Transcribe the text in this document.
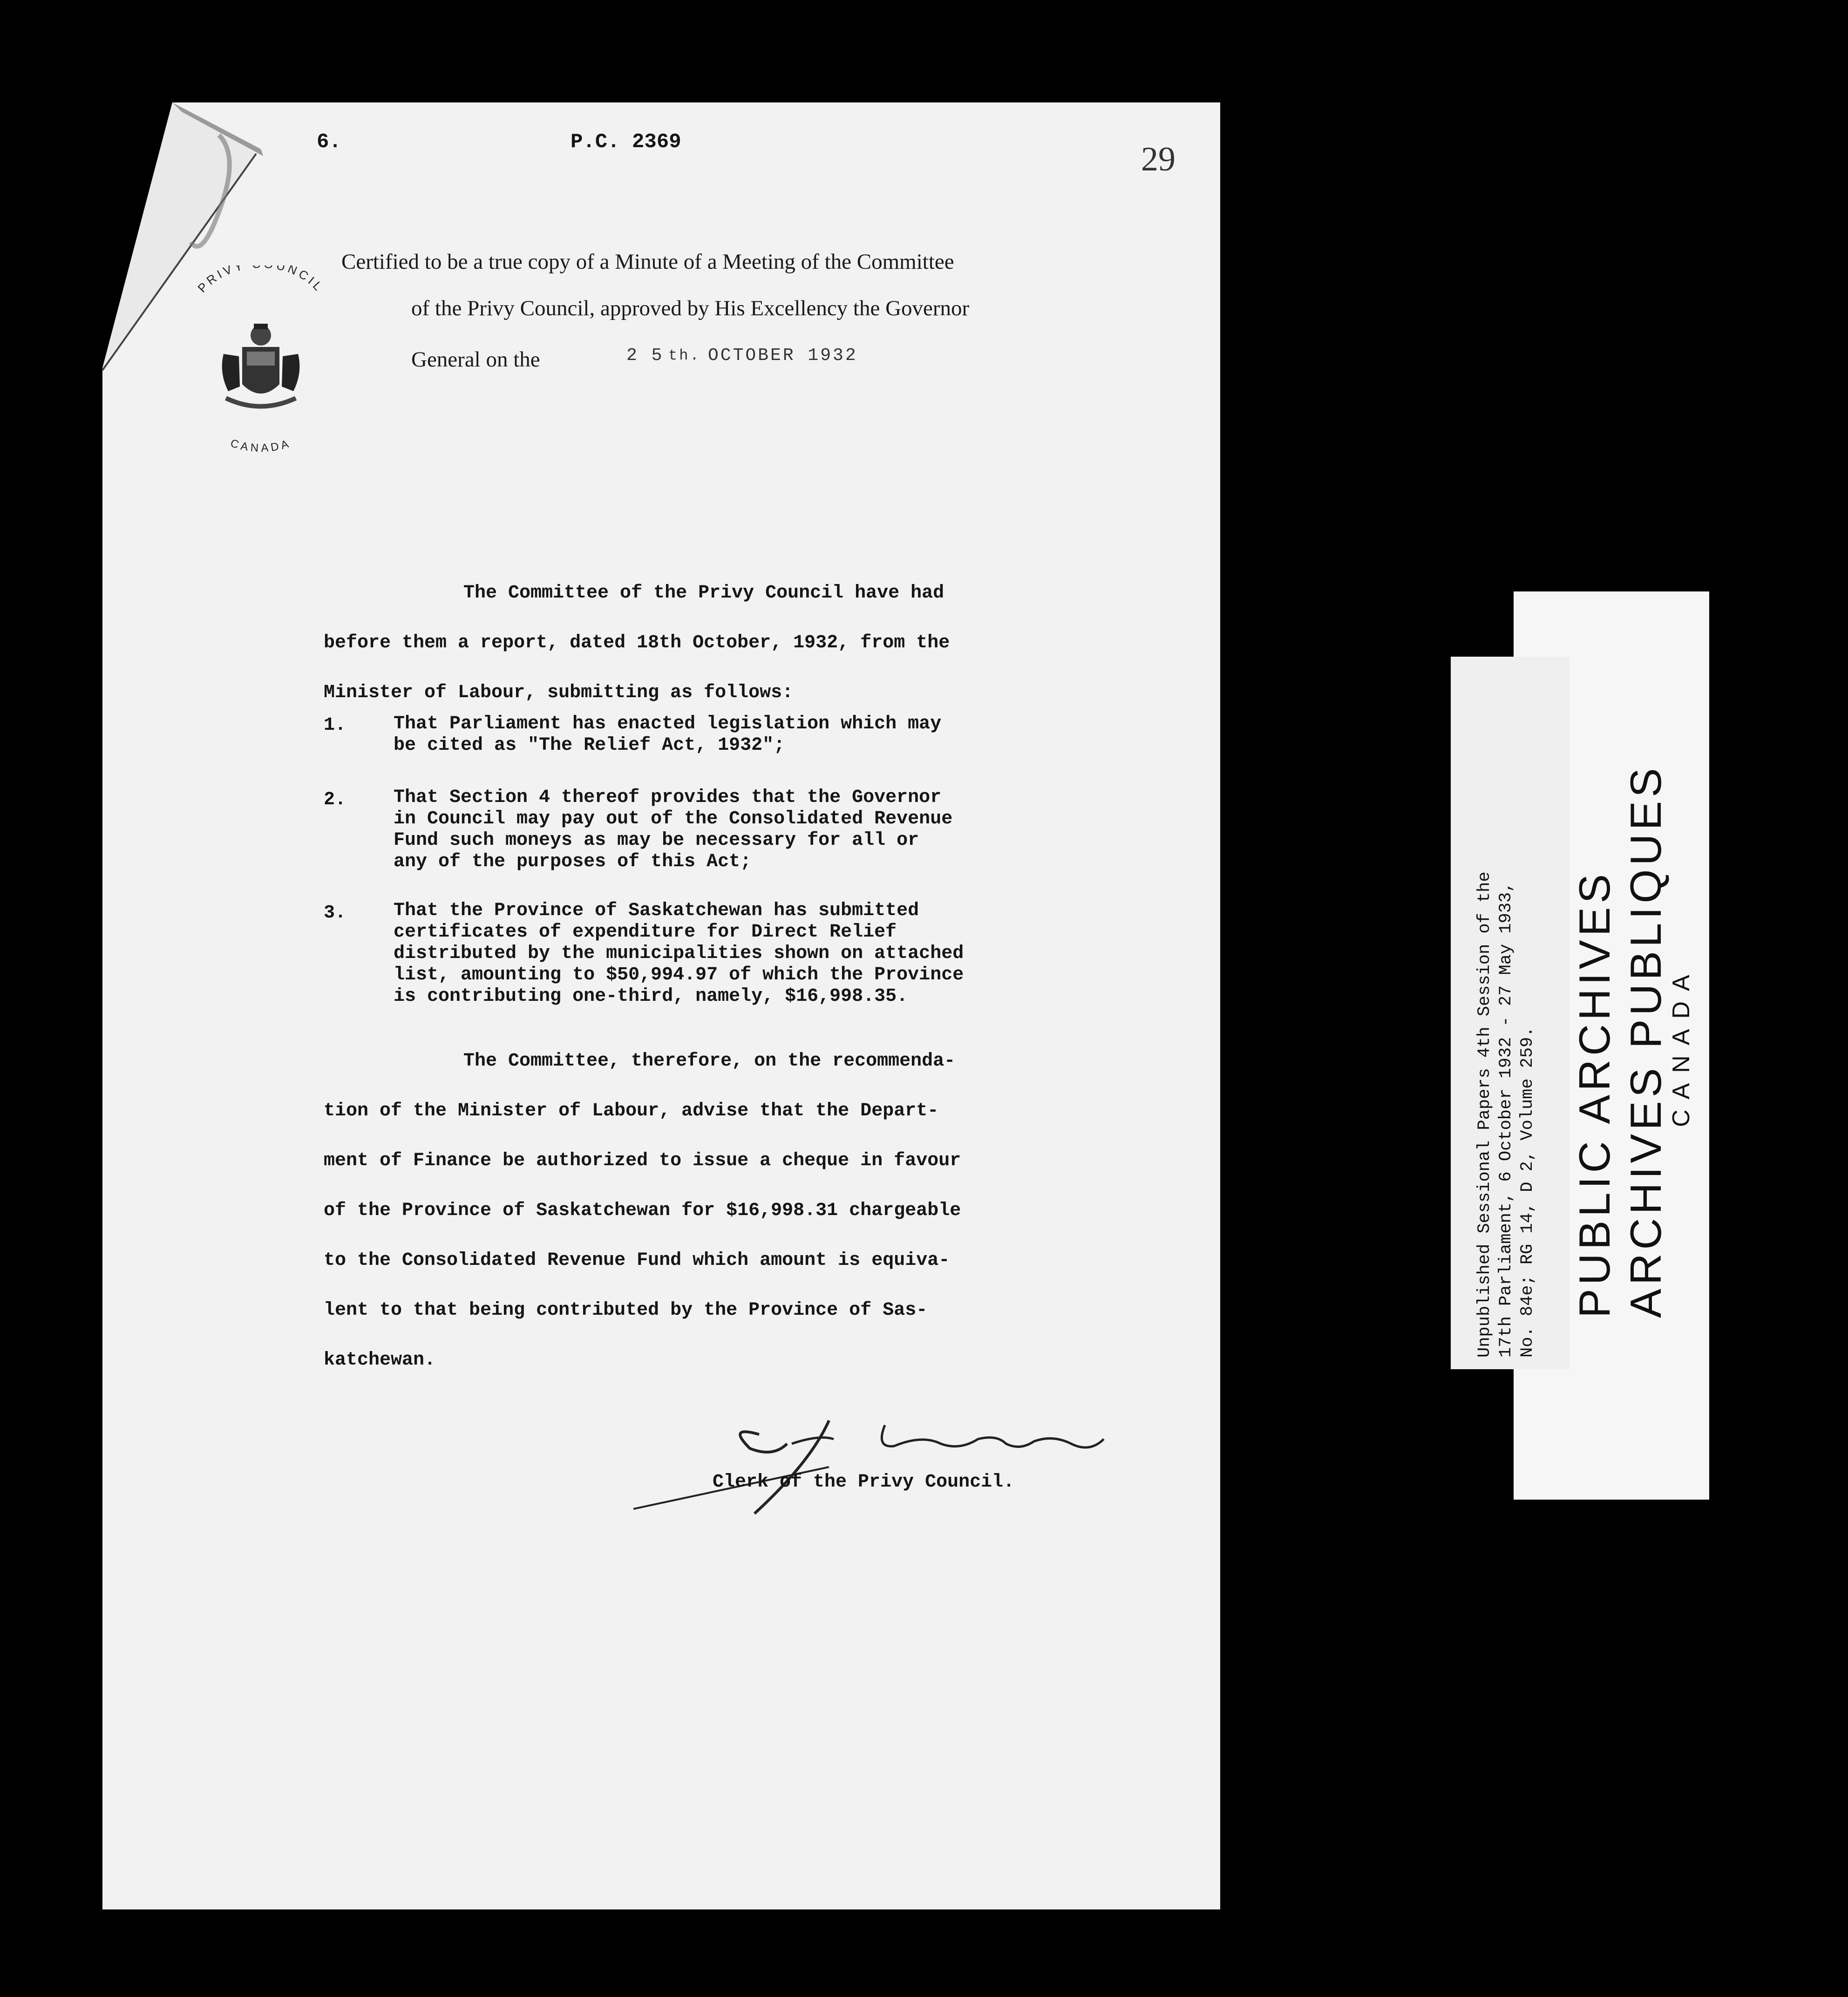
6.	P.C. 2369	29
PRIVY UNCIL
CANADA
Certified to be a true copy of a Minute of a Meeting of the Committee
of the Privy Council, approved by His Excellency the Governor
General on the	2 5 th. OCTOBER 1932
The Committee of the Privy Council have had
before them a report, dated 18th October, 1932, from the
Minister of Labour, submitting as follows:
1.	That Parliament has enacted legislation which may
be cited as "The Relief Act, 1932";
2.	That Section 4 thereof provides that the Governor
in Council may pay out of the Consolidated Revenue
Fund such moneys as may be necessary for all or
any of the purposes of this Act;
3.	That the Province of Saskatchewan has submitted
certificates of expenditure for Direct Relief
distributed by the municipalities shown on attached
list, amounting to $50,994.97 of which the Province
is contributing one-third, namely, $16,998.35.
The Committee, therefore, on the recommenda-
tion of the Minister of Labour, advise that the Depart-
ment of Finance be authorized to issue a cheque in favour
of the Province of Saskatchewan for $16,998.31 chargeable
to the Consolidated Revenue Fund which amount is equiva-
lent to that being contributed by the Province of Sas-
katchewan.
Clerk of the Privy Council.
Unpublished Sessional Papers 4th Session of the 17th Parliament, 6 October 1932 - 27 May 1933, No. 84e; RG 14, D 2, Volume 259. PUBLIC ARCHIVES ARCHIVES PUBLIQUES
CANADA
